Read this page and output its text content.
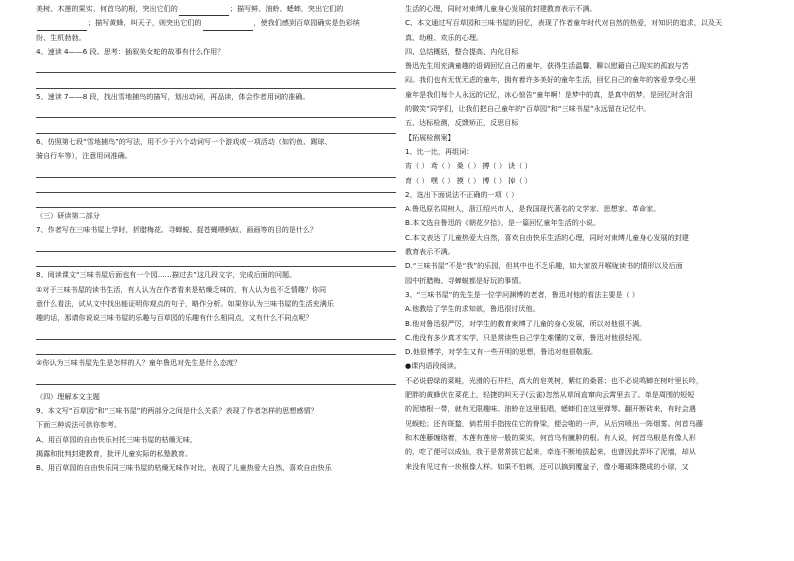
美树、木莲的果实、何首乌的根，突出它们的	；描写鲜、油蛉、蟋蟀，突出它们的
；描写黄蜂，叫天子，则突出它们的	，使我们感到百草园确实是色彩缤
纷、生机勃勃。
4、速读 4——6 段。思考：插叙美女蛇的故事有什么作用？
5、速读 7——8 段，找出雪地捕鸟的描写，划出动词，再品读，体会作者用词的准确。
6、仿照第七段“雪地捕鸟”的写法，用不少于六个动词写一个游戏或一项活动（如钓鱼、踢球、
骑自行车等），注意用词准确。
（三）研读第二部分
7、作者写在三味书屋上学时，折腊梅花、寻蝉蜕、捉苍蝇喂蚂蚁、画画等的目的是什么？
8、阅读课文“三味书屋后面也有一个园……描过去”这几段文字，完成后面的问题。
①对于三味书屋的读书生活，有人认为在作者看来是枯燥乏味的，有人认为也不乏情趣？你同
意什么看法，试从文中找出能证明你观点的句子，略作分析。如果你认为三味书屋的生活充满乐
趣的话，那请你说说三味书屋的乐趣与百草园的乐趣有什么相同点，又有什么不同点呢？
②你认为三味书屋先生是怎样的人？童年鲁迅对先生是什么态度？
（四）理解本文主题
9、本文写“百草园”和“三味书屋”的两部分之间是什么关系？表现了作者怎样的思想感情？
下面三种说法可供你参考。
A、用百草园的自由快乐衬托三味书屋的枯燥无味，
揭露和批判封建教育，批评儿童实际的私塾教育。
B、用百草园的自由快乐同三味书屋的枯燥无味作对比，表现了儿童热爱大自然、喜欢自由快乐
生活的心理，同时对束缚儿童身心发展的封建教育表示不满。
C、本文通过写百草园和三味书屋的回忆，表现了作者童年时代对自然的热爱，对知识的追求，以及天
真、幼稚、欢乐的心理。
四、总结概括，整合提高、内化目标
鲁迅先生用充满童趣的语调回忆自己的童年，获得生活温馨，聊以慰藉自己现实的孤寂与苦
闷。我们也有无忧无虑的童年，拥有着许多美好的童年生活，回忆自己的童年的客爱享受心里
童年是我们每个人永远的记忆，冰心惊告“童年啊！是梦中的真，是真中的梦，是回忆时含泪
的微笑”同学们，让我们把自己童年的“百草园”和“三味书屋”永远留在记忆中。
五、达标检测，反馈矫正，反思目标
【拓展检测案】
1、比一比，再组词：
宵（ ） 鸢（ ） 桑（ ） 搏（ ） 诀（ ）
育（ ） 嘿（ ） 摸（ ） 博（ ） 掉（ ）
2、选出下面说法不正确的一项（ ）
A.鲁迅原名周树人，浙江绍兴市人，是我国现代著名的文学家、思想家、革命家。
B.本文选自鲁迅的《朝花夕拾》，是一篇回忆童年生活的小说。
C.本文表达了儿童热爱大自然，喜欢自由快乐生活的心理，同时对束缚儿童身心发展的封建
教育表示不满。
D.“三味书屋”不是“我”的乐园，但其中也不乏乐趣，如大家放开喉咙读书的情形以及后面
园中折腊梅、寻蝉蜕都是好玩的事情。
3、“三味书屋”的先生是一位学问渊博的老者，鲁迅对他的看法主要是（ ）
A.他教给了学生的求知欲，鲁迅很讨厌他。
B.他对鲁迅很严厉，对学生的教育束缚了儿童的身心发展，所以对他很不满。
C.他没有多少真才实学，只是常读些自己学生难懂的文章，鲁迅对他很轻视。
D.他很博学，对学生又有一些开明的思想，鲁迅对他很敬服。
●课内语段阅读。
不必说碧绿的菜畦，光滑的石井栏，高大的皂荚树，紫红的桑葚；也不必说鸣蝉在树叶里长吟，
肥胖的黄蜂伏在菜花上，轻捷的叫天子(云雀)忽然从草间直窜向云霄里去了。单是周围的短短
的泥墙根一带，就有无限趣味。油蛉在这里低唱，蟋蟀们在这里弹琴。翻开断砖来，有时会遇
见蜈蚣；还有斑蝥，倘若用手指按住它的脊梁，便会啪的一声，从后窍喷出一阵烟雾。何首乌藤
和木莲藤缠络着，木莲有莲房一般的果实，何首乌有臃肿的根。有人说，何首乌根是有像人形
的，吃了便可以成仙，我于是常常拔它起来，牵连不断地拔起来，也曾因此弄坏了泥墙，却从
来没有见过有一块根像人样。如果不怕刺，还可以摘到覆盆子，像小珊瑚珠攒成的小球，又
